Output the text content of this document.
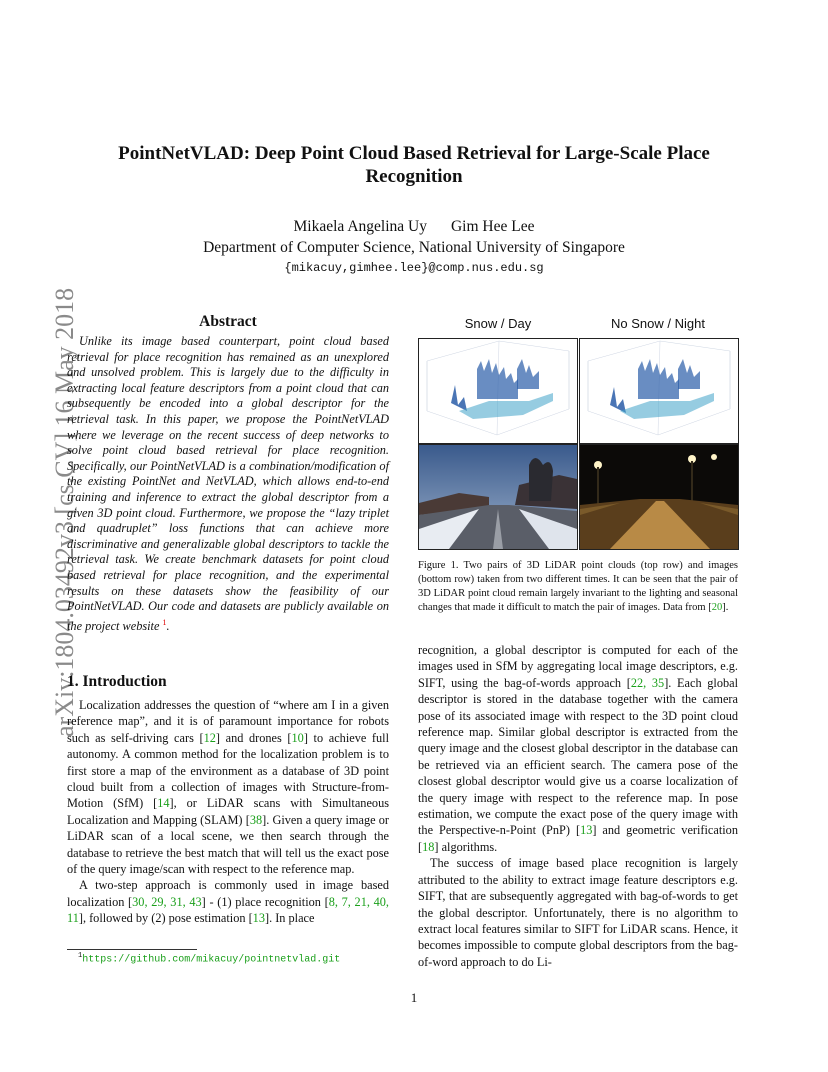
arXiv:1804.03492v3 [cs.CV] 16 May 2018
PointNetVLAD: Deep Point Cloud Based Retrieval for Large-Scale Place
Recognition
Mikaela Angelina Uy Gim Hee Lee
Department of Computer Science, National University of Singapore
{mikacuy,gimhee.lee}@comp.nus.edu.sg
Abstract

Unlike its image based counterpart, point cloud based retrieval for place recognition has remained as an unexplored and unsolved problem. This is largely due to the difficulty in extracting local feature descriptors from a point cloud that can subsequently be encoded into a global descriptor for the retrieval task. In this paper, we propose the PointNetVLAD where we leverage on the recent success of deep networks to solve point cloud based retrieval for place recognition. Specifically, our PointNetVLAD is a combination/modification of the existing PointNet and NetVLAD, which allows end-to-end training and inference to extract the global descriptor from a given 3D point cloud. Furthermore, we propose the “lazy triplet and quadruplet” loss functions that can achieve more discriminative and generalizable global descriptors to tackle the retrieval task. We create benchmark datasets for point cloud based retrieval for place recognition, and the experimental results on these datasets show the feasibility of our PointNetVLAD. Our code and datasets are publicly available on the project website $^1$.

1. Introduction

Localization addresses the question of “where am I in a given reference map”, and it is of paramount importance for robots such as self-driving cars [12] and drones [10] to achieve full autonomy. A common method for the localization problem is to first store a map of the environment as a database of 3D point cloud built from a collection of images with Structure-from-Motion (SfM) [14], or LiDAR scans with Simultaneous Localization and Mapping (SLAM) [38]. Given a query image or LiDAR scan of a local scene, we then search through the database to retrieve the best match that will tell us the exact pose of the query image/scan with respect to the reference map.

A two-step approach is commonly used in image based localization [30, 29, 31, 43] - (1) place recognition [8, 7, 21, 40, 11], followed by (2) pose estimation [13]. In place

$^1$https://github.com/mikacuy/pointnetvlad.git
Snow / Day	No Snow / Night
Figure 1. Two pairs of 3D LiDAR point clouds (top row) and images (bottom row) taken from two different times. It can be seen that the pair of 3D LiDAR point cloud remain largely invariant to the lighting and seasonal changes that made it difficult to match the pair of images. Data from [20].

recognition, a global descriptor is computed for each of the images used in SfM by aggregating local image descriptors, e.g. SIFT, using the bag-of-words approach [22, 35]. Each global descriptor is stored in the database together with the camera pose of its associated image with respect to the 3D point cloud reference map. Similar global descriptor is extracted from the query image and the closest global descriptor in the database can be retrieved via an efficient search. The camera pose of the closest global descriptor would give us a coarse localization of the query image with respect to the reference map. In pose estimation, we compute the exact pose of the query image with the Perspective-n-Point (PnP) [13] and geometric verification [18] algorithms.

The success of image based place recognition is largely attributed to the ability to extract image feature descriptors e.g. SIFT, that are subsequently aggregated with bag-of-words to get the global descriptor. Unfortunately, there is no algorithm to extract local features similar to SIFT for LiDAR scans. Hence, it becomes impossible to compute global descriptors from the bag-of-word approach to do Li-

1
